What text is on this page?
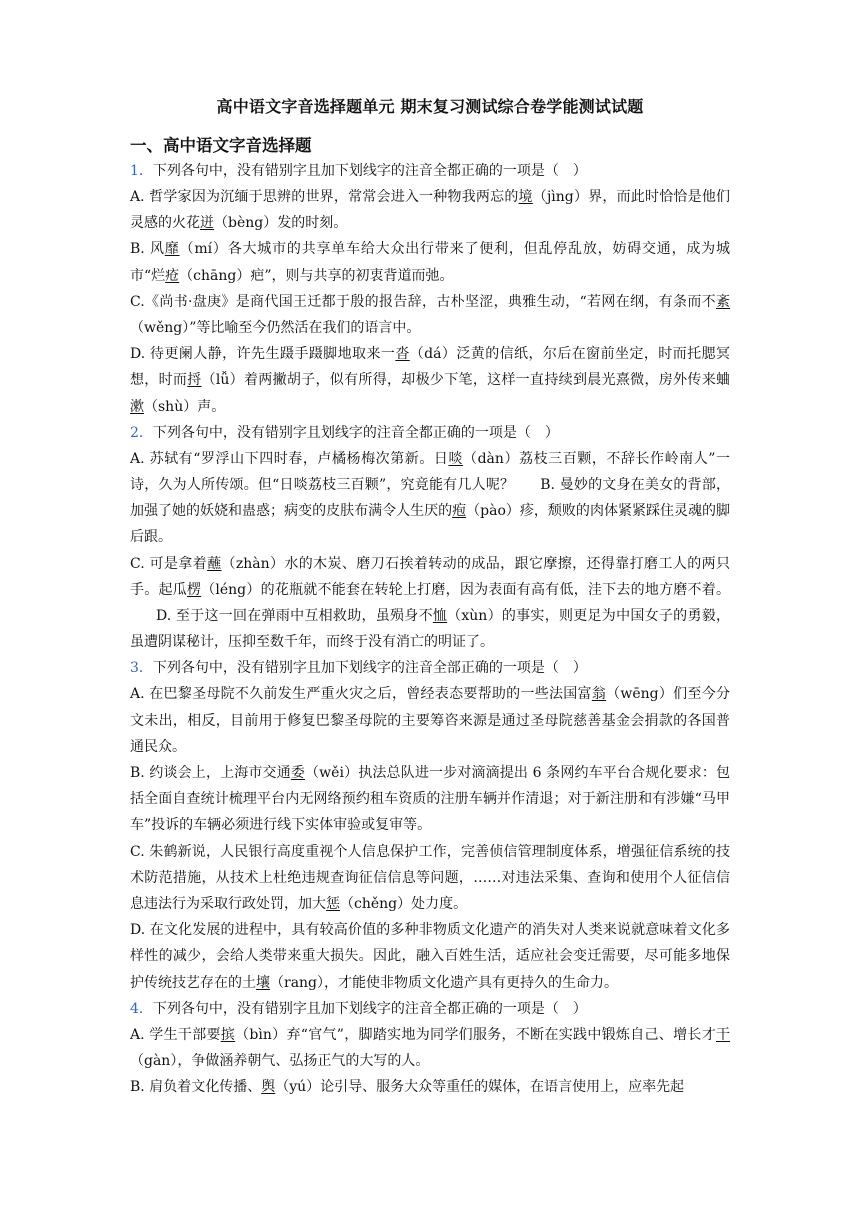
高中语文字音选择题单元 期末复习测试综合卷学能测试试题
一、高中语文字音选择题

1．下列各句中，没有错别字且加下划线字的注音全都正确的一项是（　）

A. 哲学家因为沉缅于思辨的世界，常常会进入一种物我两忘的境（jìng）界，而此时恰恰是他们灵感的火花迸（bèng）发的时刻。

B. 风靡（mí）各大城市的共享单车给大众出行带来了便利，但乱停乱放，妨碍交通，成为城市“烂疮（chāng）疤”，则与共享的初衷背道而弛。

C.《尚书·盘庚》是商代国王迁都于殷的报告辞，古朴坚涩，典雅生动，“若网在纲，有条而不紊（wěng）”等比喻至今仍然活在我们的语言中。

D. 待更阑人静，许先生蹑手蹑脚地取来一沓（dá）泛黄的信纸，尔后在窗前坐定，时而托腮冥想，时而捋（lǚ）着两撇胡子，似有所得，却极少下笔，这样一直持续到晨光熹微，房外传来蛐漱（shù）声。

2．下列各句中，没有错别字且划线字的注音全都正确的一项是（　）

A. 苏轼有“罗浮山下四时春，卢橘杨梅次第新。日啖（dàn）荔枝三百颗，不辞长作岭南人”一诗，久为人所传颂。但“日啖荔枝三百颗”，究竟能有几人呢？ B. 曼妙的文身在美女的背部，加强了她的妖娆和蛊惑；病变的皮肤布满令人生厌的疱（pào）疹，颓败的肉体紧紧踩住灵魂的脚后跟。

C. 可是拿着蘸（zhàn）水的木炭、磨刀石挨着转动的成品，跟它摩擦，还得靠打磨工人的两只手。起瓜楞（léng）的花瓶就不能套在转轮上打磨，因为表面有高有低，洼下去的地方磨不着。D. 至于这一回在弹雨中互相救助，虽殒身不恤（xùn）的事实，则更足为中国女子的勇毅，虽遭阴谋秘计，压抑至数千年，而终于没有消亡的明证了。

3．下列各句中，没有错别字且加下划线字的注音全部正确的一项是（　）

A. 在巴黎圣母院不久前发生严重火灾之后，曾经表态要帮助的一些法国富翁（wēng）们至今分文未出，相反，目前用于修复巴黎圣母院的主要筹咨来源是通过圣母院慈善基金会捐款的各国普通民众。

B. 约谈会上，上海市交通委（wěi）执法总队进一步对滴滴提出 6 条网约车平台合规化要求：包括全面自查统计梳理平台内无网络预约租车资质的注册车辆并作清退；对于新注册和有涉嫌“马甲车”投诉的车辆必须进行线下实体审验或复审等。

C. 朱鹤新说，人民银行高度重视个人信息保护工作，完善侦信管理制度体系，增强征信系统的技术防范措施，从技术上杜绝违规查询征信信息等问题，……对违法采集、查询和使用个人征信信息违法行为采取行政处罚，加大惩（chěng）处力度。

D. 在文化发展的进程中，具有较高价值的多种非物质文化遗产的消失对人类来说就意味着文化多样性的减少，会给人类带来重大损失。因此，融入百姓生活，适应社会变迁需要，尽可能多地保护传统技艺存在的土壤（rang），才能使非物质文化遗产具有更持久的生命力。

4．下列各句中，没有错别字且加下划线字的注音全都正确的一项是（　）

A. 学生干部要摈（bìn）弃“官气”，脚踏实地为同学们服务，不断在实践中锻炼自己、增长才干（gàn），争做涵养朝气、弘扬正气的大写的人。

B. 肩负着文化传播、舆（yú）论引导、服务大众等重任的媒体，在语言使用上，应率先起
